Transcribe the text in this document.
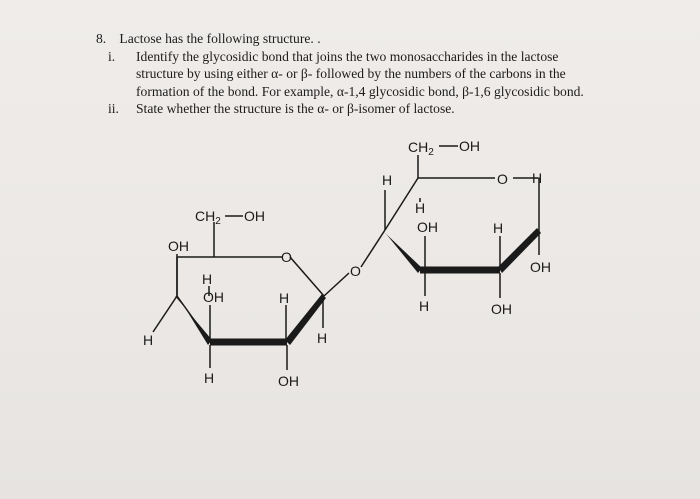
8. Lactose has the following structure. .
i. Identify the glycosidic bond that joins the two monosaccharides in the lactose
structure by using either α- or β- followed by the numbers of the carbons in the
formation of the bond. For example, α-1,4 glycosidic bond, β-1,6 glycosidic bond.
ii. State whether the structure is the α- or β-isomer of lactose.
$CH_2$ OH
O
OH
H
H
OH
H
H
OH
H
O
H
$CH_2$ OH
O H
H
OH
H
H
OH
OH
